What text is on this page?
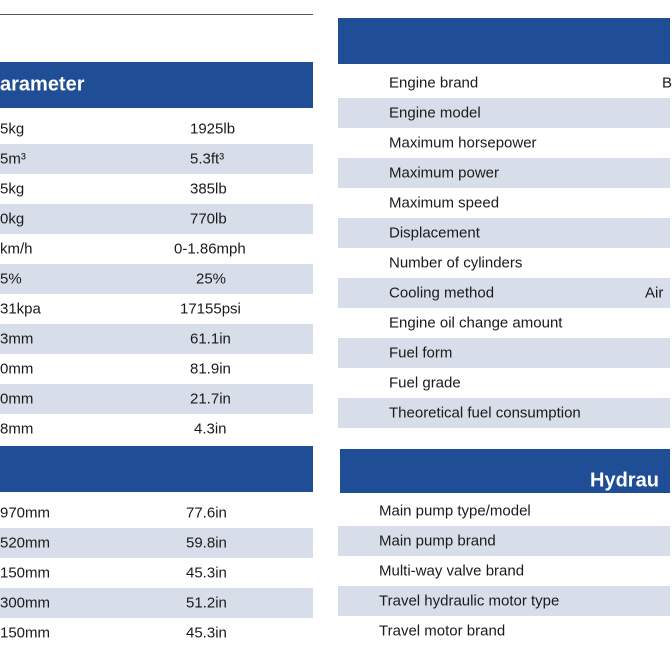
arameter
5kg	1925lb
5m³	5.3ft³
5kg	385lb
0kg	770lb
km/h	0-1.86mph
5%	25%
31kpa	17155psi
3mm	61.1in
0mm	81.9in
0mm	21.7in
8mm	4.3in
970mm	77.6in
520mm	59.8in
150mm	45.3in
300mm	51.2in
150mm	45.3in
Engine brand	B
Engine model
Maximum horsepower
Maximum power
Maximum speed
Displacement
Number of cylinders
Cooling method	Air
Engine oil change amount
Fuel form
Fuel grade
Theoretical fuel consumption
Hydrau
Main pump type/model
Main pump brand
Multi-way valve brand
Travel hydraulic motor type
Travel motor brand
